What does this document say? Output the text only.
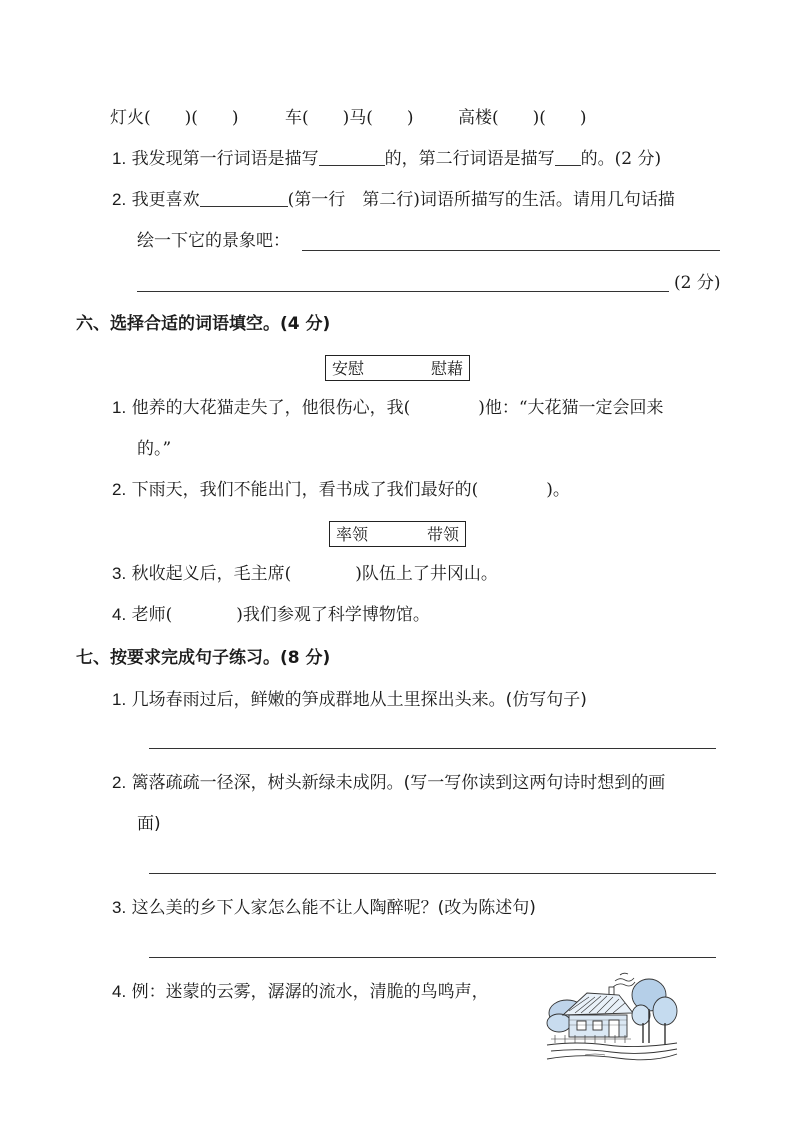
灯火(　　)(　　)	车(　　)马(　　)	高楼(　　)(　　)
1. 我发现第一行词语是描写	的，第二行词语是描写 的。(2 分)
2. 我更喜欢	(第一行　第二行)词语所描写的生活。请用几句话描
绘一下它的景象吧：
(2 分)
六、选择合适的词语填空。(4 分)
安慰	慰藉
1. 他养的大花猫走失了，他很伤心，我(	)他：“大花猫一定会回来
的。”
2. 下雨天，我们不能出门，看书成了我们最好的(	)。
率领	带领
3. 秋收起义后，毛主席(	)队伍上了井冈山。
4. 老师(	)我们参观了科学博物馆。
七、按要求完成句子练习。(8 分)
1. 几场春雨过后，鲜嫩的笋成群地从土里探出头来。(仿写句子)
2. 篱落疏疏一径深，树头新绿未成阴。(写一写你读到这两句诗时想到的画
面)
3. 这么美的乡下人家怎么能不让人陶醉呢？(改为陈述句)
4. 例：迷蒙的云雾，潺潺的流水，清脆的鸟鸣声，
